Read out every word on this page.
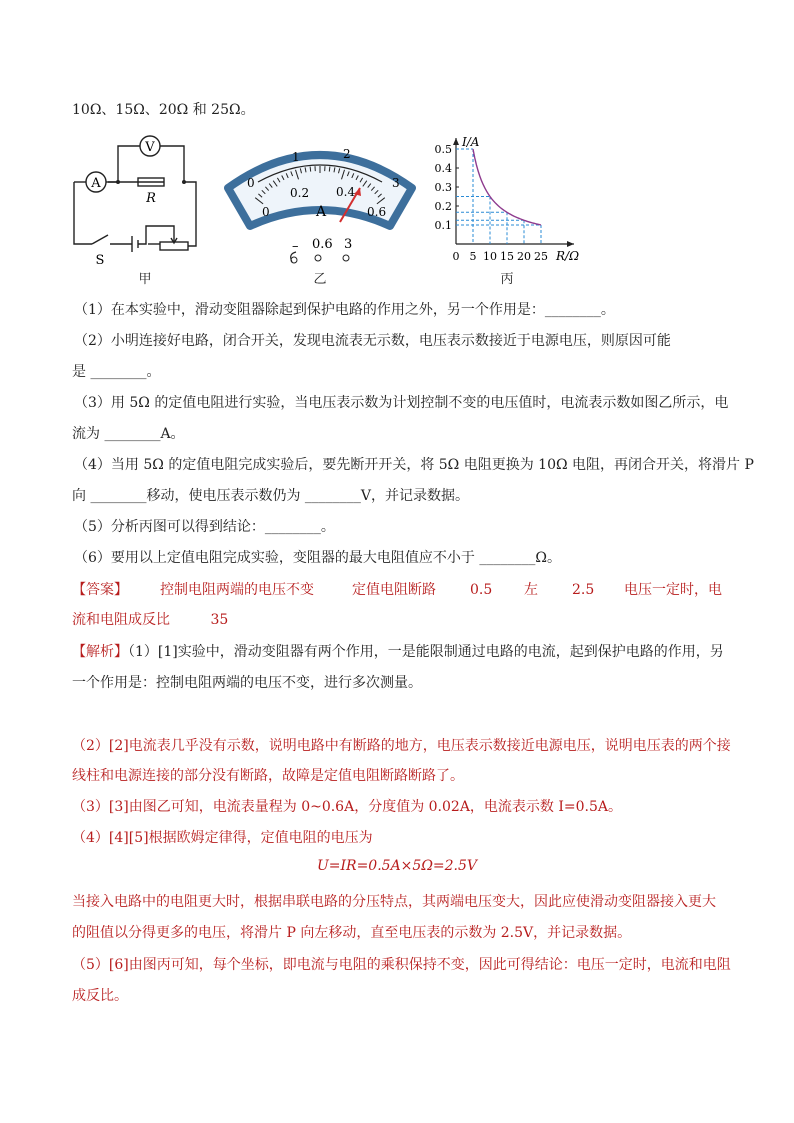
10Ω、15Ω、20Ω 和 25Ω。
A
V
R
S
甲
0
1	2
3
0
0.2 0.4
0.6
A
– 0.6 3
乙
I/A
R/Ω
0.5
0.4
0.3
0.2
0.1
0 5 10 15 20 25
丙
（1）在本实验中，滑动变阻器除起到保护电路的作用之外，另一个作用是：________。
（2）小明连接好电路，闭合开关，发现电流表无示数，电压表示数接近于电源电压，则原因可能
是 ________。
（3）用 5Ω 的定值电阻进行实验，当电压表示数为计划控制不变的电压值时，电流表示数如图乙所示，电
流为 ________A。
（4）当用 5Ω 的定值电阻完成实验后，要先断开开关，将 5Ω 电阻更换为 10Ω 电阻，再闭合开关，将滑片 P
向 ________移动，使电压表示数仍为 ________V，并记录数据。
（5）分析丙图可以得到结论：________。
（6）要用以上定值电阻完成实验，变阻器的最大电阻值应不小于 ________Ω。
【答案】 控制电阻两端的电压不变	定值电阻断路 0.5 左 2.5 电压一定时，电
流和电阻成反比	35
【解析】（1）[1]实验中，滑动变阻器有两个作用，一是能限制通过电路的电流，起到保护电路的作用，另
一个作用是：控制电阻两端的电压不变，进行多次测量。
（2）[2]电流表几乎没有示数，说明电路中有断路的地方，电压表示数接近电源电压，说明电压表的两个接
线柱和电源连接的部分没有断路，故障是定值电阻断路断路了。
（3）[3]由图乙可知，电流表量程为 0~0.6A，分度值为 0.02A，电流表示数 I=0.5A。
（4）[4][5]根据欧姆定律得，定值电阻的电压为
U=IR=0.5A×5Ω=2.5V
当接入电路中的电阻更大时，根据串联电路的分压特点，其两端电压变大，因此应使滑动变阻器接入更大
的阻值以分得更多的电压，将滑片 P 向左移动，直至电压表的示数为 2.5V，并记录数据。
（5）[6]由图丙可知，每个坐标，即电流与电阻的乘积保持不变，因此可得结论：电压一定时，电流和电阻
成反比。
